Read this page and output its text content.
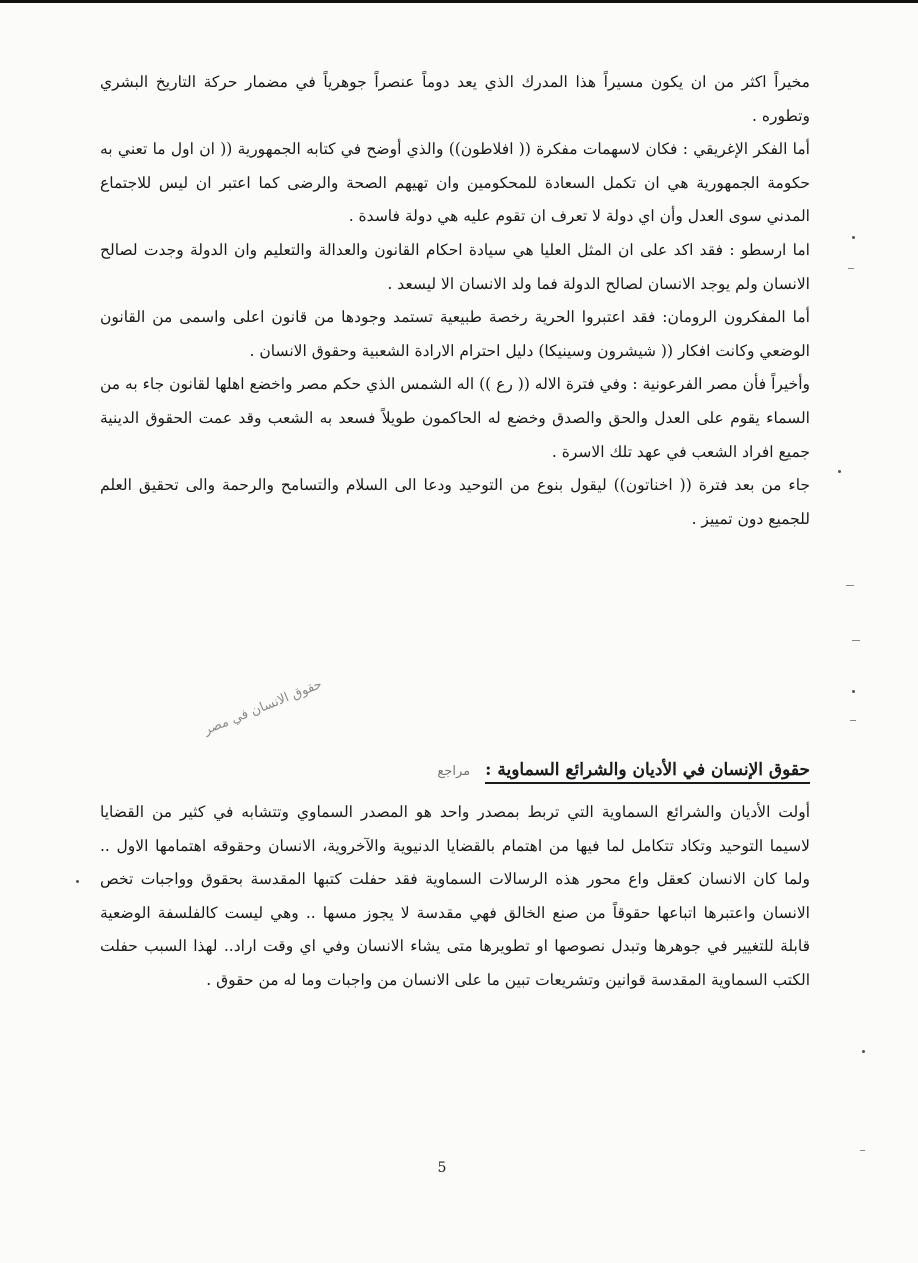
مخيراً اكثر من ان يكون مسيراً هذا المدرك الذي يعد دوماً عنصراً جوهرياً في مضمار حركة التاريخ البشري وتطوره .

أما الفكر الإغريقي : فكان لاسهمات مفكرة (( افلاطون)) والذي أوضح في كتابه الجمهورية (( ان اول ما تعني به حكومة الجمهورية هي ان تكمل السعادة للمحكومين وان تهيهم الصحة والرضى كما اعتبر ان ليس للاجتماع المدني سوى العدل وأن اي دولة لا تعرف ان تقوم عليه هي دولة فاسدة .

اما ارسطو : فقد اكد على ان المثل العليا هي سيادة احكام القانون والعدالة والتعليم وان الدولة وجدت لصالح الانسان ولم يوجد الانسان لصالح الدولة فما ولد الانسان الا ليسعد .

أما المفكرون الرومان: فقد اعتبروا الحرية رخصة طبيعية تستمد وجودها من قانون اعلى واسمى من القانون الوضعي وكانت افكار (( شيشرون وسينيكا) دليل احترام الارادة الشعبية وحقوق الانسان .

وأخيراً فأن مصر الفرعونية : وفي فترة الاله (( رع )) اله الشمس الذي حكم مصر واخضع اهلها لقانون جاء به من السماء يقوم على العدل والحق والصدق وخضع له الحاكمون طويلاً فسعد به الشعب وقد عمت الحقوق الدينية جميع افراد الشعب في عهد تلك الاسرة .

جاء من بعد فترة (( اخناتون)) ليقول بنوع من التوحيد ودعا الى السلام والتسامح والرحمة والى تحقيق العلم للجميع دون تمييز .

حقوق الانسان في مصر
حقوق الإنسان في الأديان والشرائع السماوية : مراجع

أولت الأديان والشرائع السماوية التي تربط بمصدر واحد هو المصدر السماوي وتتشابه في كثير من القضايا لاسيما التوحيد وتكاد تتكامل لما فيها من اهتمام بالقضايا الدنيوية والآخروية، الانسان وحقوقه اهتمامها الاول .. ولما كان الانسان كعقل واع محور هذه الرسالات السماوية فقد حفلت كتبها المقدسة بحقوق وواجبات تخص الانسان واعتبرها اتباعها حقوقاً من صنع الخالق فهي مقدسة لا يجوز مسها .. وهي ليست كالفلسفة الوضعية قابلة للتغيير في جوهرها وتبدل نصوصها او تطويرها متى يشاء الانسان وفي اي وقت اراد.. لهذا السبب حفلت الكتب السماوية المقدسة قوانين وتشريعات تبين ما على الانسان من واجبات وما له من حقوق .

5
